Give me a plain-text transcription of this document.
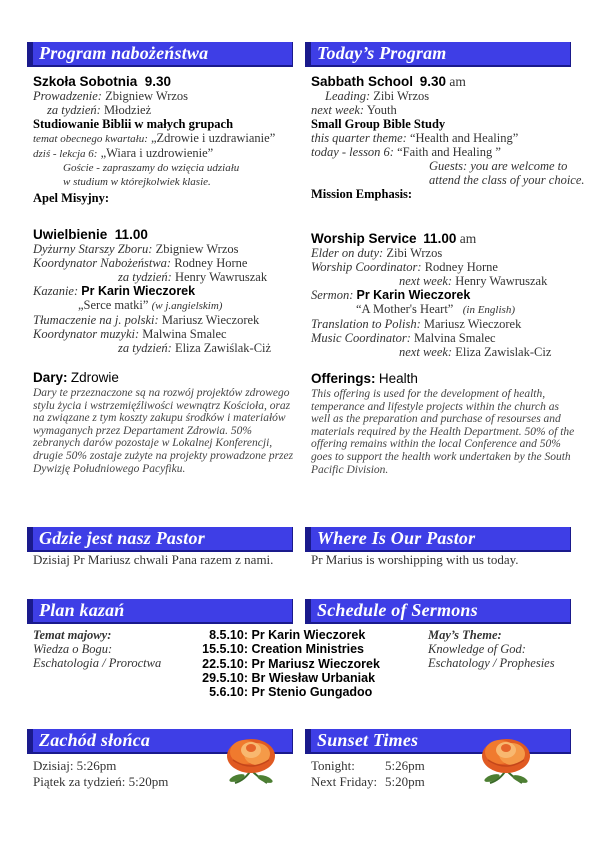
Program nabożeństwa	Today’s Program
Gdzie jest nasz Pastor	Where Is Our Pastor
Plan kazań	Schedule of Sermons
Zachód słońca	Sunset Times
Szkoła Sobotnia 9.30
Prowadzenie: Zbigniew Wrzos
za tydzień: Młodzież
Studiowanie Biblii w małych grupach
temat obecnego kwartału: „Zdrowie i uzdrawianie”
dziś - lekcja 6: „Wiara i uzdrowienie”
Goście - zapraszamy do wzięcia udziału
w studium w którejkolwiek klasie.
Apel Misyjny:
Sabbath School 9.30 am
Leading: Zibi Wrzos
next week: Youth
Small Group Bible Study
this quarter theme: “Health and Healing”
today - lesson 6: “Faith and Healing ”
Guests: you are welcome to
attend the class of your choice.
Mission Emphasis:
Uwielbienie 11.00
Dyżurny Starszy Zboru: Zbigniew Wrzos
Koordynator Nabożeństwa: Rodney Horne
za tydzień: Henry Wawruszak
Kazanie: Pr Karin Wieczorek
„Serce matki” (w j.angielskim)
Tłumaczenie na j. polski: Mariusz Wieczorek
Koordynator muzyki: Malwina Smalec
za tydzień: Eliza Zawiślak-Ciż
Worship Service 11.00 am
Elder on duty: Zibi Wrzos
Worship Coordinator: Rodney Horne
next week: Henry Wawruszak
Sermon: Pr Karin Wieczorek
“A Mother's Heart” (in English)
Translation to Polish: Mariusz Wieczorek
Music Coordinator: Malvina Smalec
next week: Eliza Zawislak-Ciz
Dary: Zdrowie
Dary te przeznaczone są na rozwój projektów zdrowego stylu życia i wstrzemięźliwości wewnątrz Kościoła, oraz na związane z tym koszty zakupu środków i materiałów wymaganych przez Departament Zdrowia. 50% zebranych darów pozostaje w Lokalnej Konferencji, drugie 50% zostaje zużyte na projekty prowadzone przez Dywizję Południowego Pacyfiku.
Offerings: Health
This offering is used for the development of health, temperance and lifestyle projects within the church as well as the preparation and purchase of resourses and materials required by the Health Department. 50% of the offering remains within the local Conference and 50% goes to support the health work undertaken by the South Pacific Division.
Dzisiaj Pr Mariusz chwali Pana razem z nami.	Pr Marius is worshipping with us today.
Temat majowy:
Wiedza o Bogu:
Eschatologia / Proroctwa
May’s Theme:
Knowledge of God:
Eschatology / Prophesies
8.5.10: Pr Karin Wieczorek
15.5.10: Creation Ministries
22.5.10: Pr Mariusz Wieczorek
29.5.10: Br Wiesław Urbaniak
5.6.10: Pr Stenio Gungadoo
Dzisiaj: 5:26pm
Piątek za tydzień: 5:20pm
Tonight: 5:26pm
Next Friday: 5:20pm
